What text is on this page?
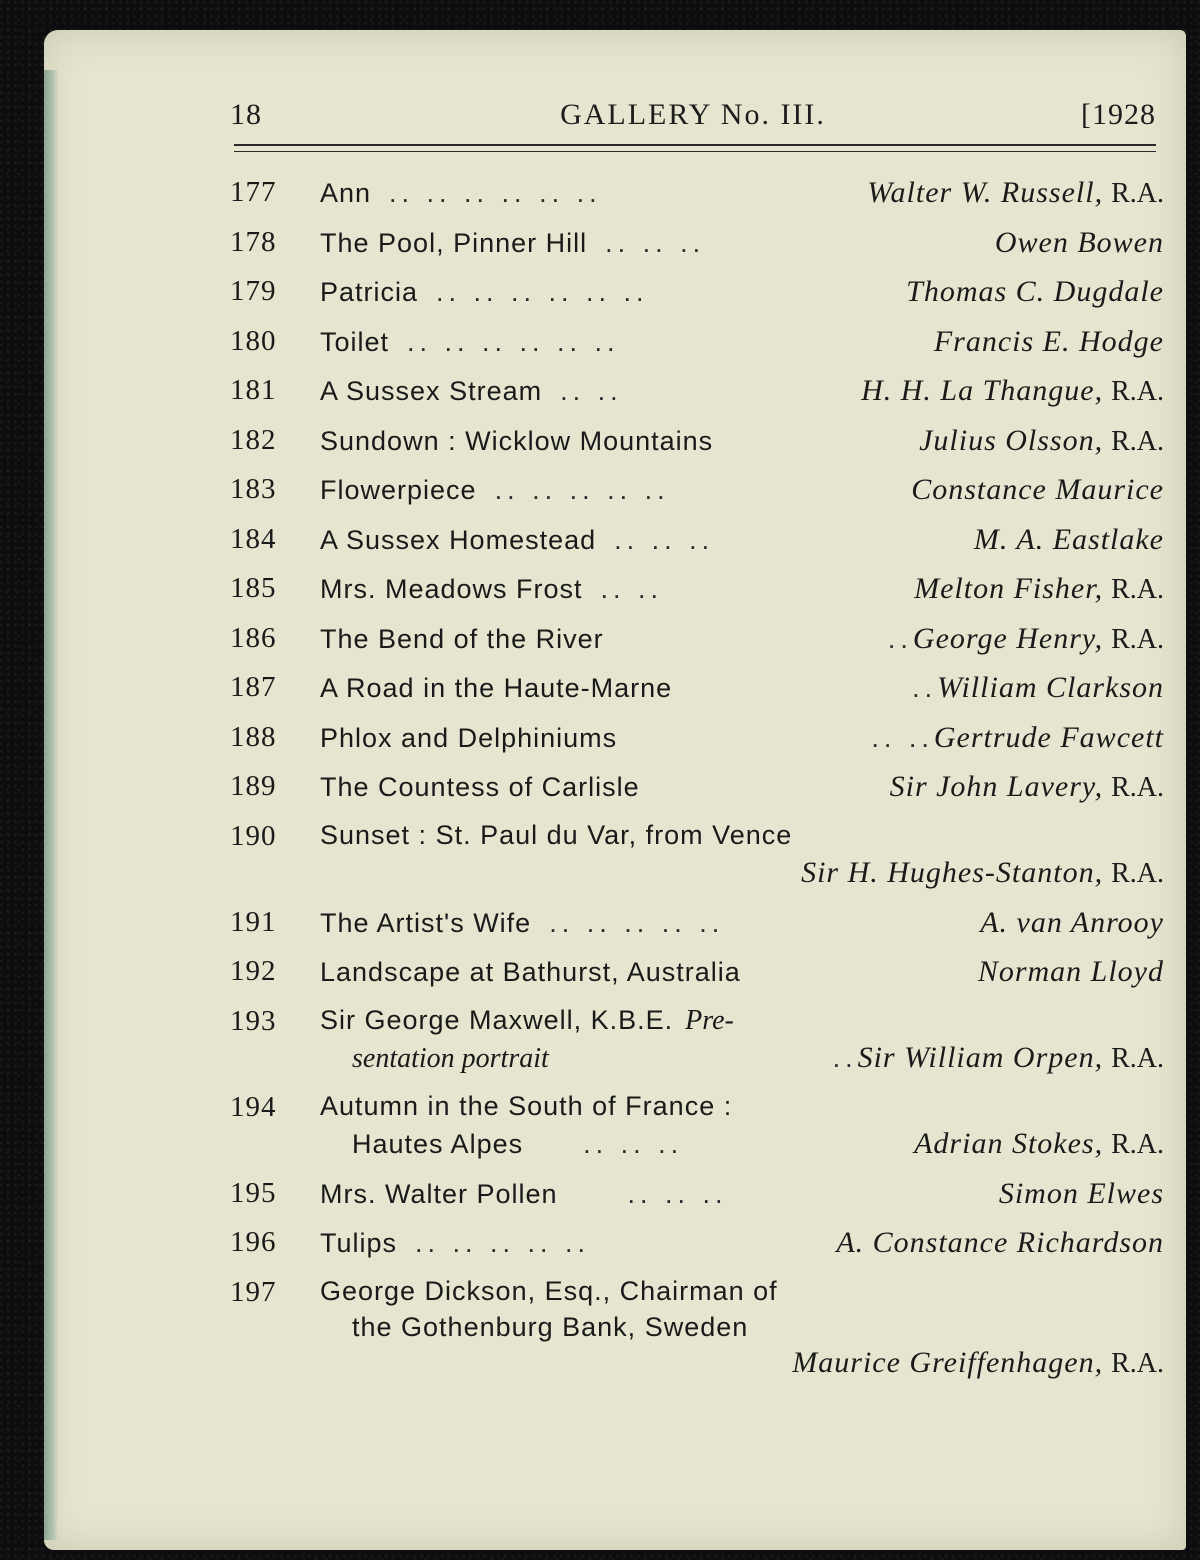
18	GALLERY No. III.	[1928
177 Ann .. .. .. .. .. ..	Walter W. Russell, R.A.
178 The Pool, Pinner Hill .. .. ..	Owen Bowen
179 Patricia .. .. .. .. .. ..	Thomas C. Dugdale
180 Toilet .. .. .. .. .. ..	Francis E. Hodge
181 A Sussex Stream .. ..	H. H. La Thangue, R.A.
182 Sundown : Wicklow Mountains	Julius Olsson, R.A.
183 Flowerpiece .. .. .. .. ..	Constance Maurice
184 A Sussex Homestead .. .. ..	M. A. Eastlake
185 Mrs. Meadows Frost .. ..	Melton Fisher, R.A.
186 The Bend of the River	.. George Henry, R.A.
187 A Road in the Haute-Marne	.. William Clarkson
188 Phlox and Delphiniums	.. .. Gertrude Fawcett
189 The Countess of Carlisle	Sir John Lavery, R.A.
190 Sunset : St. Paul du Var, from Vence
Sir H. Hughes-Stanton, R.A.
191 The Artist's Wife .. .. .. .. ..	A. van Anrooy
192 Landscape at Bathurst, Australia	Norman Lloyd
193 Sir George Maxwell, K.B.E. Pre-
sentation portrait	.. Sir William Orpen, R.A.
194 Autumn in the South of France :
Hautes Alpes	.. .. ..	Adrian Stokes, R.A.
195 Mrs. Walter Pollen	.. .. ..	Simon Elwes
196 Tulips .. .. .. .. ..	A. Constance Richardson
197 George Dickson, Esq., Chairman of
the Gothenburg Bank, Sweden
Maurice Greiffenhagen, R.A.
